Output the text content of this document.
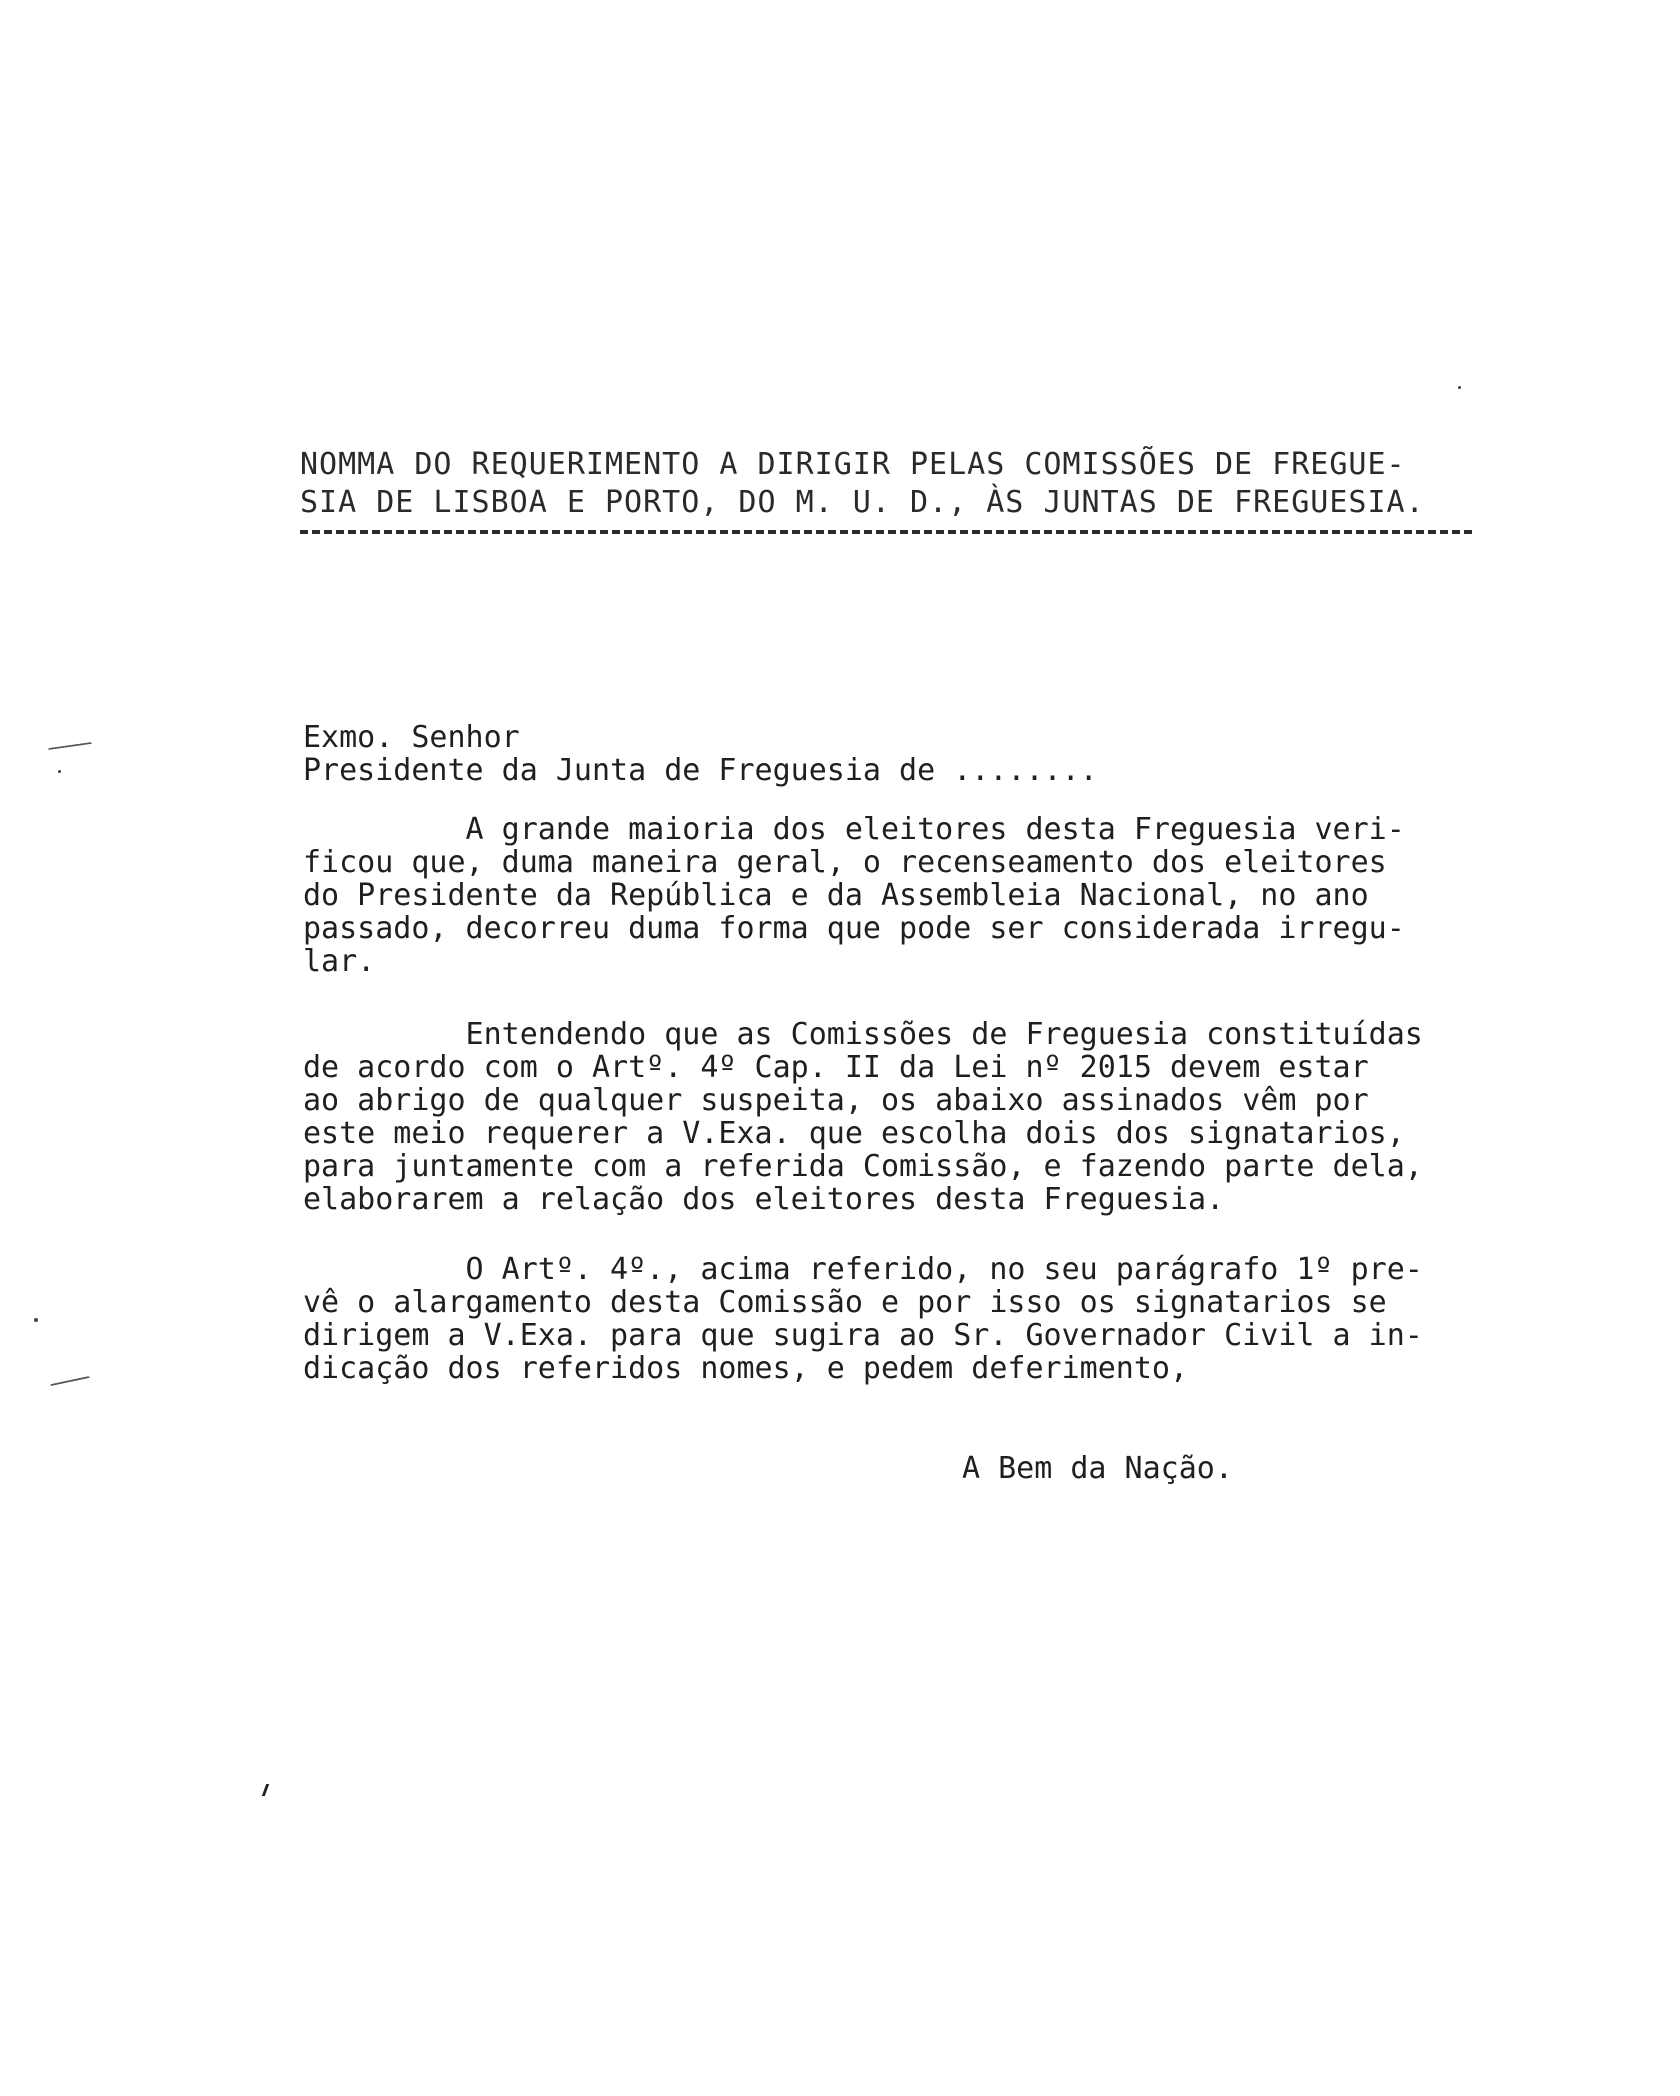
NOMMA DO REQUERIMENTO A DIRIGIR PELAS COMISSÕES DE FREGUE-
SIA DE LISBOA E PORTO, DO M. U. D., ÀS JUNTAS DE FREGUESIA.
Exmo. Senhor
Presidente da Junta de Freguesia de ........
A grande maioria dos eleitores desta Freguesia veri-
ficou que, duma maneira geral, o recenseamento dos eleitores
do Presidente da República e da Assembleia Nacional, no ano
passado, decorreu duma forma que pode ser considerada irregu-
lar.
Entendendo que as Comissões de Freguesia constituídas
de acordo com o Artº. 4º Cap. II da Lei nº 2015 devem estar
ao abrigo de qualquer suspeita, os abaixo assinados vêm por
este meio requerer a V.Exa. que escolha dois dos signatarios,
para juntamente com a referida Comissão, e fazendo parte dela,
elaborarem a relação dos eleitores desta Freguesia.
O Artº. 4º., acima referido, no seu parágrafo 1º pre-
vê o alargamento desta Comissão e por isso os signatarios se
dirigem a V.Exa. para que sugira ao Sr. Governador Civil a in-
dicação dos referidos nomes, e pedem deferimento,
A Bem da Nação.
